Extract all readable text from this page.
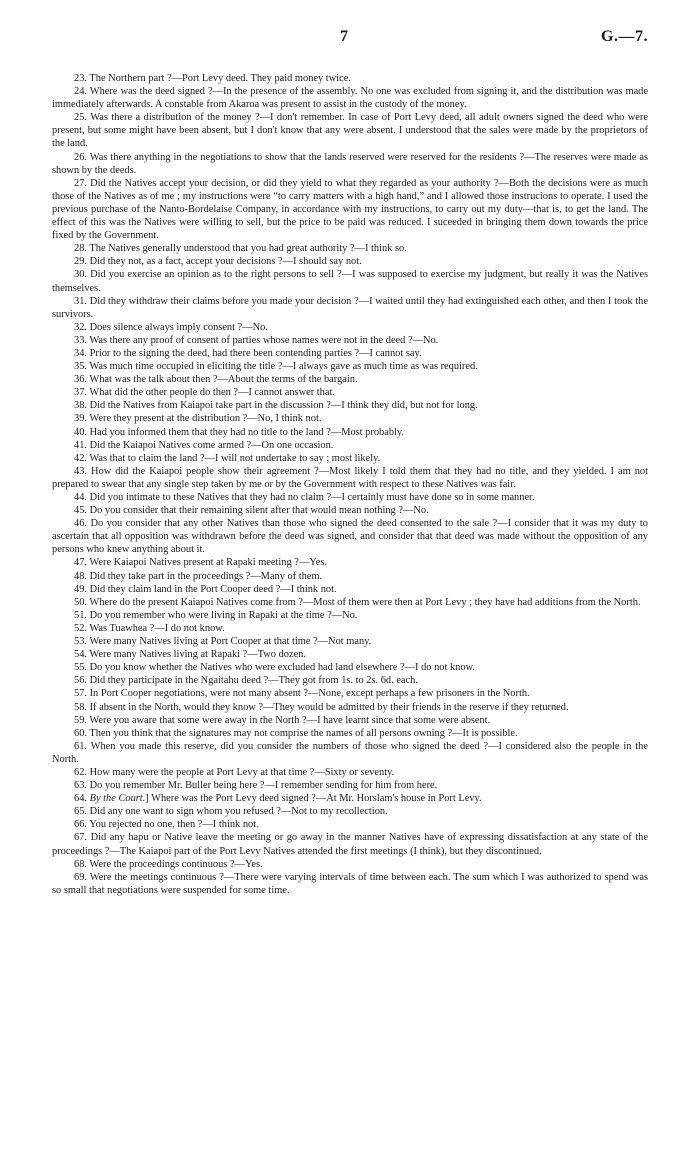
7	G.—7.

23. The Northern part ?—Port Levy deed. They paid money twice.

24. Where was the deed signed ?—In the presence of the assembly. No one was excluded from signing it, and the distribution was made immediately afterwards. A constable from Akaroa was present to assist in the custody of the money.

25. Was there a distribution of the money ?—I don't remember. In case of Port Levy deed, all adult owners signed the deed who were present, but some might have been absent, but I don't know that any were absent. I understood that the sales were made by the proprietors of the land.

26. Was there anything in the negotiations to show that the lands reserved were reserved for the residents ?—The reserves were made as shown by the deeds.

27. Did the Natives accept your decision, or did they yield to what they regarded as your authority ?—Both the decisions were as much those of the Natives as of me ; my instructions were “to carry matters with a high hand,” and I allowed those instrucions to operate. I used the previous purchase of the Nanto-Bordelaise Company, in accordance with my instructions, to carry out my duty—that is, to get the land. The effect of this was the Natives were willing to sell, but the price to be paid was reduced. I suceeded in bringing them down towards the price fixed by the Government.

28. The Natives generally understood that you had great authority ?—I think so.

29. Did they not, as a fact, accept your decisions ?—I should say not.

30. Did you exercise an opinion as to the right persons to sell ?—I was supposed to exercise my judgment, but really it was the Natives themselves.

31. Did they withdraw their claims before you made your decision ?—I waited until they had extinguished each other, and then I took the survivors.

32. Does silence always imply consent ?—No.

33. Was there any proof of consent of parties whose names were not in the deed ?—No.

34. Prior to the signing the deed, had there been contending parties ?—I cannot say.

35. Was much time occupied in eliciting the title ?—I always gave as much time as was required.

36. What was the talk about then ?—About the terms of the bargain.

37. What did the other people do then ?—I cannot answer that.

38. Did the Natives from Kaiapoi take part in the discussion ?—I think they did, but not for long.

39. Were they present at the distribution ?—No, I think not.

40. Had you informed them that they had no title to the land ?—Most probably.

41. Did the Kaiapoi Natives come armed ?—On one occasion.

42. Was that to claim the land ?—I will not undertake to say ; most likely.

43. How did the Kaiapoi people show their agreement ?—Most likely I told them that they had no title, and they yielded. I am not prepared to swear that any single step taken by me or by the Government with respect to these Natives was fair.

44. Did you intimate to these Natives that they had no claim ?—I certainly must have done so in some manner.

45. Do you consider that their remaining silent after that would mean nothing ?—No.

46. Do you consider that any other Natives than those who signed the deed consented to the sale ?—I consider that it was my duty to ascertain that all opposition was withdrawn before the deed was signed, and consider that that deed was made without the opposition of any persons who knew anything about it.

47. Were Kaiapoi Natives present at Rapaki meeting ?—Yes.

48. Did they take part in the proceedings ?—Many of them.

49. Did they claim land in the Port Cooper deed ?—I think not.

50. Where do the present Kaiapoi Natives come from ?—Most of them were then at Port Levy ; they have had additions from the North.

51. Do you remember who were living in Rapaki at the time ?—No.

52. Was Tuawhea ?—I do not know.

53. Were many Natives living at Port Cooper at that time ?—Not many.

54. Were many Natives living at Rapaki ?—Two dozen.

55. Do you know whether the Natives who were excluded had land elsewhere ?—I do not know.

56. Did they participate in the Ngaitahu deed ?—They got from 1s. to 2s. 6d. each.

57. In Port Cooper negotiations, were not many absent ?—None, except perhaps a few prisoners in the North.

58. If absent in the North, would they know ?—They would be admitted by their friends in the reserve if they returned.

59. Were you aware that some were away in the North ?—I have learnt since that some were absent.

60. Then you think that the signatures may not comprise the names of all persons owning ?—It is possible.

61. When you made this reserve, did you consider the numbers of those who signed the deed ?—I considered also the people in the North.

62. How many were the people at Port Levy at that time ?—Sixty or seventy.

63. Do you remember Mr. Buller being here ?—I remember sending for him from here.

64. By the Court.] Where was the Port Levy deed signed ?—At Mr. Horslam's house in Port Levy.

65. Did any one want to sign whom you refused ?—Not to my recollection.

66. You rejected no one, then ?—I think not.

67. Did any hapu or Native leave the meeting or go away in the manner Natives have of expressing dissatisfaction at any state of the proceedings ?—The Kaiapoi part of the Port Levy Natives attended the first meetings (I think), but they discontinued.

68. Were the proceedings continuous ?—Yes.

69. Were the meetings continuous ?—There were varying intervals of time between each. The sum which I was authorized to spend was so small that negotiations were suspended for some time.
